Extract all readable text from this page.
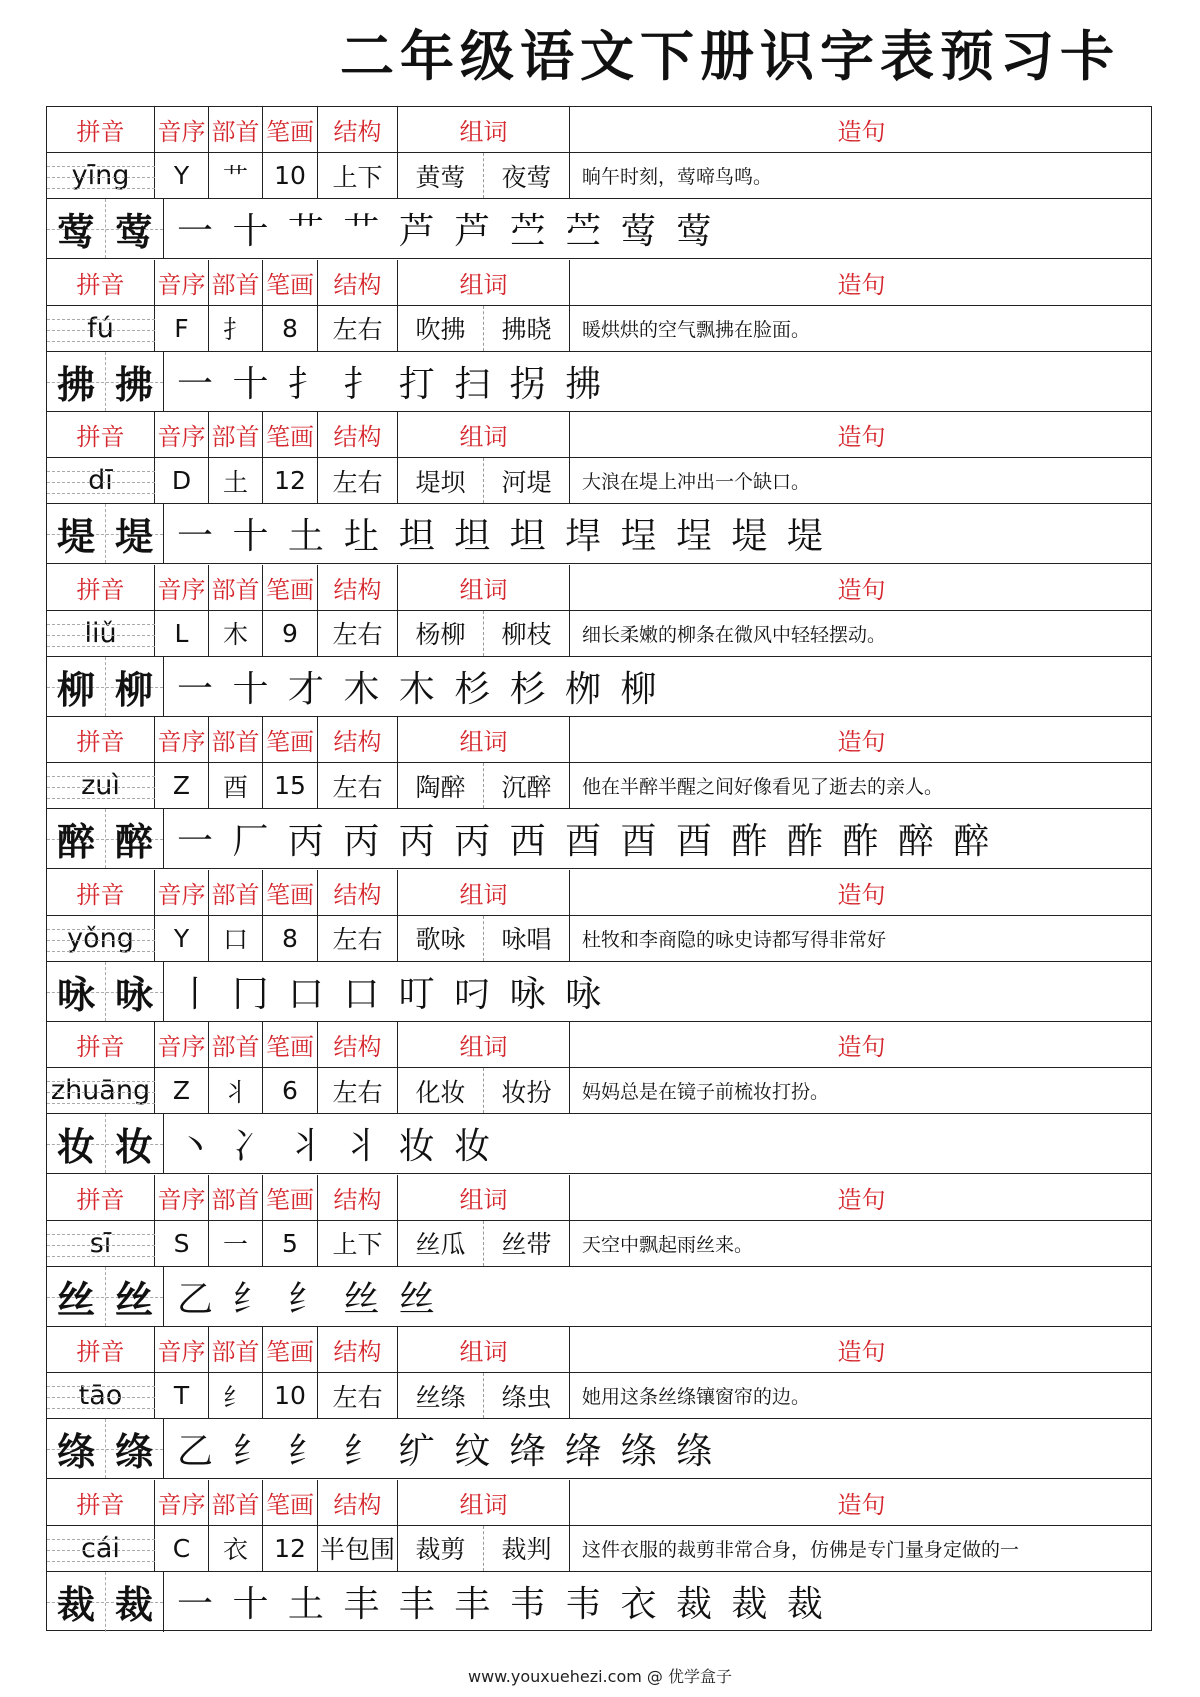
二年级语文下册识字表预习卡
拼音	音序 部首 笔画 结构	组词	造句
yīng	Y	艹	10	上下	黄莺	夜莺	晌午时刻，莺啼鸟鸣。
莺 莺 一 十 艹 艹 芦 芦 苎 苎 莺 莺
拼音	音序 部首 笔画 结构	组词	造句
fú	F	扌	8	左右	吹拂	拂晓	暖烘烘的空气飘拂在脸面。
拂 拂 一 十 扌 扌 打 扫 拐 拂
拼音	音序 部首 笔画 结构	组词	造句
dī	D	土	12	左右	堤坝	河堤	大浪在堤上冲出一个缺口。
堤 堤 一 十 土 圵 坦 坦 坦 垾 埕 埕 堤 堤
拼音	音序 部首 笔画 结构	组词	造句
liǔ	L	木	9	左右	杨柳	柳枝	细长柔嫩的柳条在微风中轻轻摆动。
柳 柳 一 十 才 木 木 杉 杉 栁 柳
拼音	音序 部首 笔画 结构	组词	造句
zuì	Z	酉	15	左右	陶醉	沉醉	他在半醉半醒之间好像看见了逝去的亲人。
醉 醉 一 厂 丙 丙 丙 丙 西 酉 酉 酉 酢 酢 酢 醉 醉
拼音	音序 部首 笔画 结构	组词	造句
yǒng	Y	口	8	左右	歌咏	咏唱	杜牧和李商隐的咏史诗都写得非常好
咏 咏 丨 冂 口 口 叮 叼 咏 咏
拼音	音序 部首 笔画 结构	组词	造句
zhuāng Z	丬	6	左右	化妆	妆扮	妈妈总是在镜子前梳妆打扮。
妆 妆 丶 冫 丬 丬 妆 妆
拼音	音序 部首 笔画 结构	组词	造句
sī	S	一	5	上下	丝瓜	丝带	天空中飘起雨丝来。
丝 丝 乙 纟 纟 丝 丝
拼音	音序 部首 笔画 结构	组词	造句
tāo	T	纟	10	左右	丝绦	绦虫	她用这条丝绦镶窗帘的边。
绦 绦 乙 纟 纟 纟 纩 纹 绛 绛 绦 绦
拼音	音序 部首 笔画 结构	组词	造句
cái	C	衣	12 半包围 裁剪	裁判	这件衣服的裁剪非常合身，仿佛是专门量身定做的一
裁 裁 一 十 土 丰 丰 丰 韦 韦 衣 裁 裁 裁
www.youxuehezi.com @ 优学盒子
